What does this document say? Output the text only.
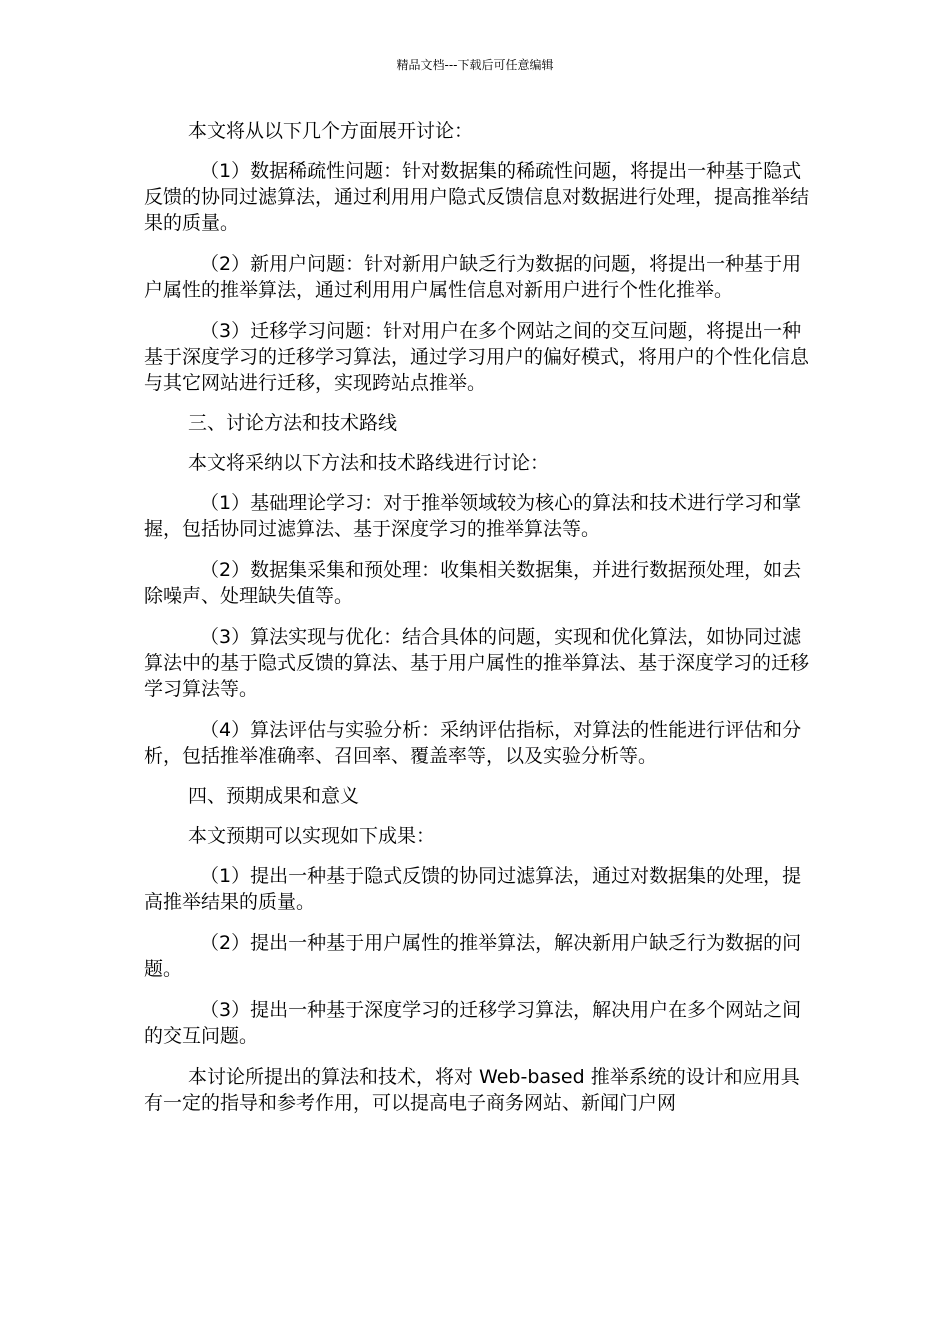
精品文档---下载后可任意编辑

本文将从以下几个方面展开讨论：

（1）数据稀疏性问题：针对数据集的稀疏性问题，将提出一种基于隐式反馈的协同过滤算法，通过利用用户隐式反馈信息对数据进行处理，提高推举结果的质量。

（2）新用户问题：针对新用户缺乏行为数据的问题，将提出一种基于用户属性的推举算法，通过利用用户属性信息对新用户进行个性化推举。

（3）迁移学习问题：针对用户在多个网站之间的交互问题，将提出一种基于深度学习的迁移学习算法，通过学习用户的偏好模式，将用户的个性化信息与其它网站进行迁移，实现跨站点推举。

三、讨论方法和技术路线

本文将采纳以下方法和技术路线进行讨论：

（1）基础理论学习：对于推举领域较为核心的算法和技术进行学习和掌握，包括协同过滤算法、基于深度学习的推举算法等。

（2）数据集采集和预处理：收集相关数据集，并进行数据预处理，如去除噪声、处理缺失值等。

（3）算法实现与优化：结合具体的问题，实现和优化算法，如协同过滤算法中的基于隐式反馈的算法、基于用户属性的推举算法、基于深度学习的迁移学习算法等。

（4）算法评估与实验分析：采纳评估指标，对算法的性能进行评估和分析，包括推举准确率、召回率、覆盖率等，以及实验分析等。

四、预期成果和意义

本文预期可以实现如下成果：

（1）提出一种基于隐式反馈的协同过滤算法，通过对数据集的处理，提高推举结果的质量。

（2）提出一种基于用户属性的推举算法，解决新用户缺乏行为数据的问题。

（3）提出一种基于深度学习的迁移学习算法，解决用户在多个网站之间的交互问题。

本讨论所提出的算法和技术，将对 Web-based 推举系统的设计和应用具有一定的指导和参考作用，可以提高电子商务网站、新闻门户网
